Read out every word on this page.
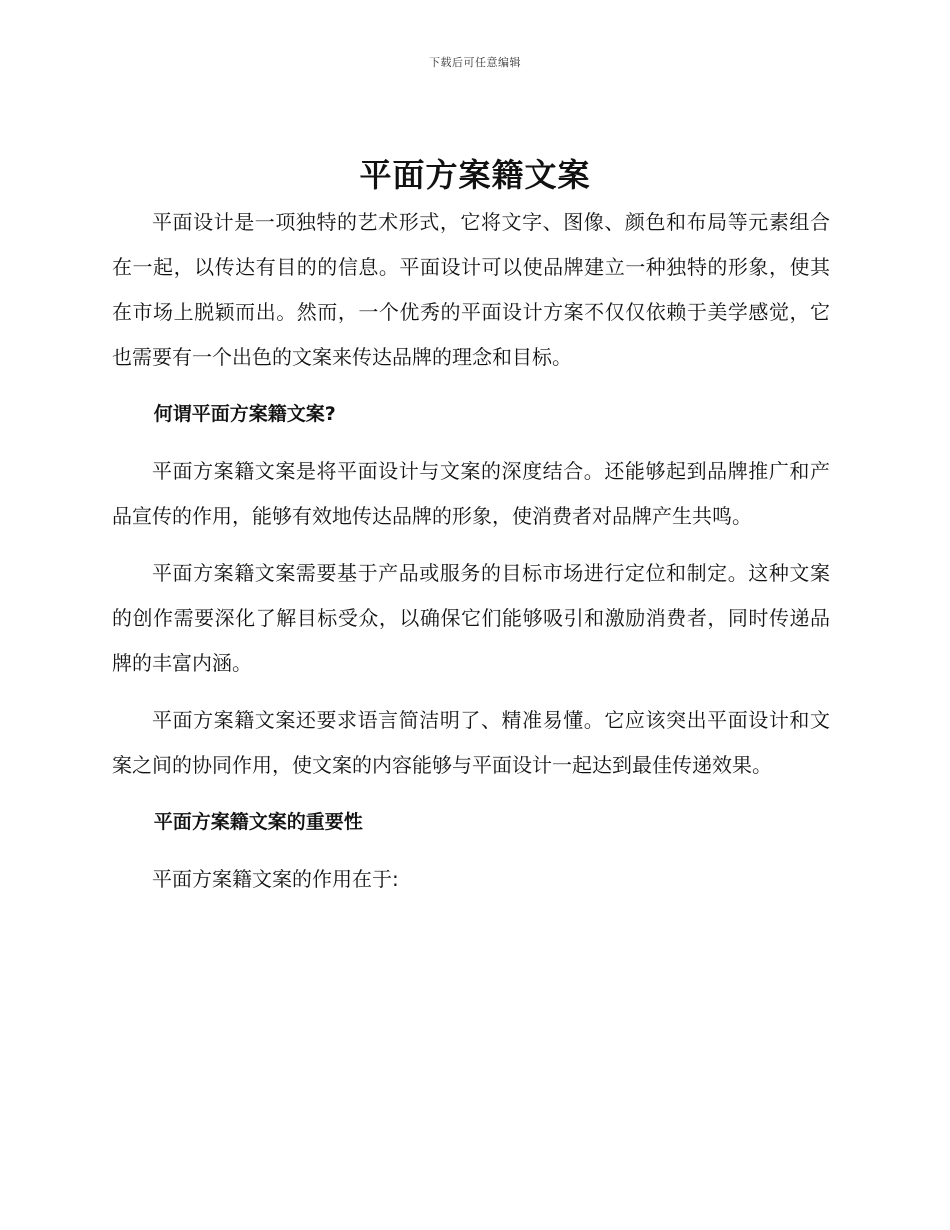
下载后可任意编辑
平面方案籍文案

平面设计是一项独特的艺术形式，它将文字、图像、颜色和布局等元素组合在一起，以传达有目的的信息。平面设计可以使品牌建立一种独特的形象，使其在市场上脱颖而出。然而，一个优秀的平面设计方案不仅仅依赖于美学感觉，它也需要有一个出色的文案来传达品牌的理念和目标。

何谓平面方案籍文案?

平面方案籍文案是将平面设计与文案的深度结合。还能够起到品牌推广和产品宣传的作用，能够有效地传达品牌的形象，使消费者对品牌产生共鸣。

平面方案籍文案需要基于产品或服务的目标市场进行定位和制定。这种文案的创作需要深化了解目标受众，以确保它们能够吸引和激励消费者，同时传递品牌的丰富内涵。

平面方案籍文案还要求语言简洁明了、精准易懂。它应该突出平面设计和文案之间的协同作用，使文案的内容能够与平面设计一起达到最佳传递效果。

平面方案籍文案的重要性

平面方案籍文案的作用在于:
